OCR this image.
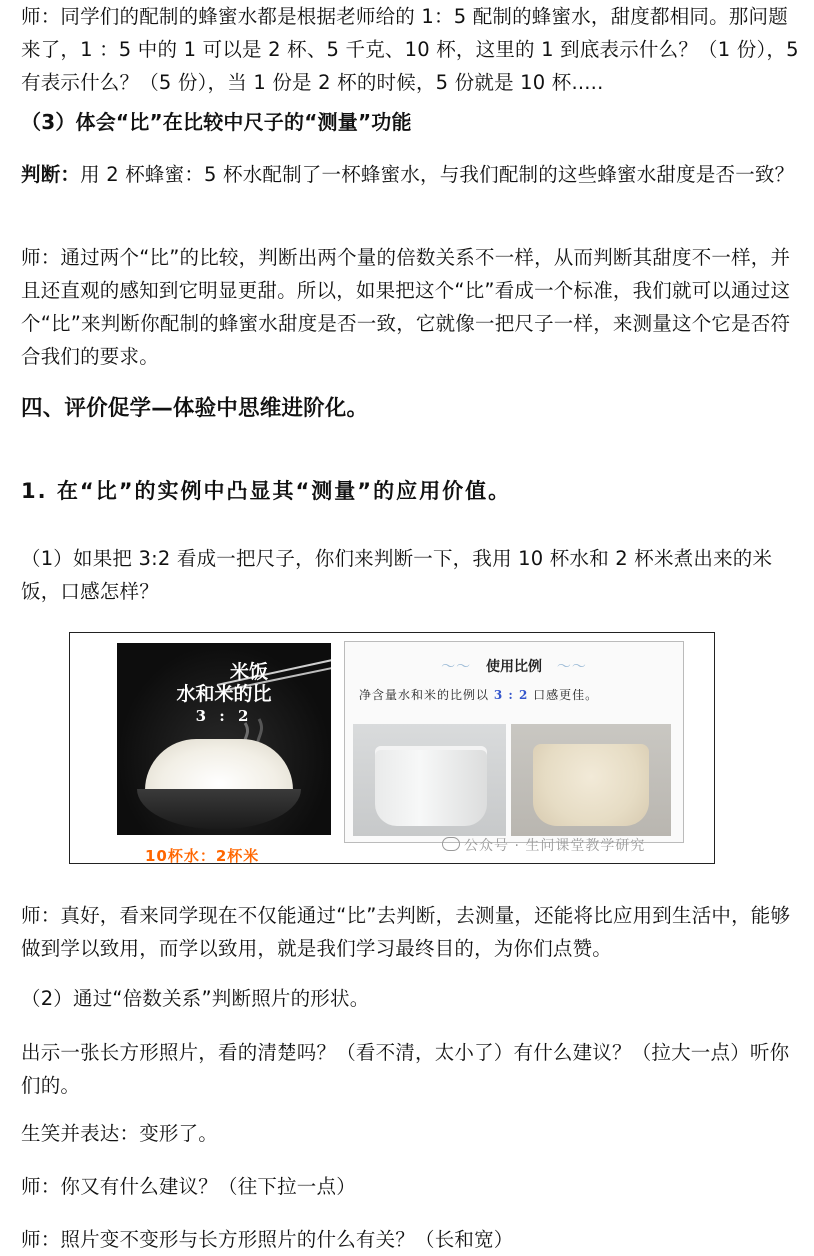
师：同学们的配制的蜂蜜水都是根据老师给的 1：5 配制的蜂蜜水，甜度都相同。那问题来了，1 ：5 中的 1 可以是 2 杯、5 千克、10 杯，这里的 1 到底表示什么？（1 份），5 有表示什么？（5 份），当 1 份是 2 杯的时候，5 份就是 10 杯.....

（3）体会“比”在比较中尺子的“测量”功能

判断：用 2 杯蜂蜜：5 杯水配制了一杯蜂蜜水，与我们配制的这些蜂蜜水甜度是否一致？

师：通过两个“比”的比较，判断出两个量的倍数关系不一样，从而判断其甜度不一样，并且还直观的感知到它明显更甜。所以，如果把这个“比”看成一个标准，我们就可以通过这个“比”来判断你配制的蜂蜜水甜度是否一致，它就像一把尺子一样，来测量这个它是否符合我们的要求。

四、评价促学—体验中思维进阶化。

1. 在“比”的实例中凸显其“测量”的应用价值。

（1）如果把 3:2 看成一把尺子，你们来判断一下，我用 10 杯水和 2 杯米煮出来的米饭，口感怎样？

米饭
水和米的比
3 : 2
10杯水：2杯米
～～ 使用比例 ～～
净含量水和米的比例以 3 : 2 口感更佳。
公众号 · 生问课堂教学研究

师：真好，看来同学现在不仅能通过“比”去判断，去测量，还能将比应用到生活中，能够做到学以致用，而学以致用，就是我们学习最终目的，为你们点赞。

（2）通过“倍数关系”判断照片的形状。

出示一张长方形照片，看的清楚吗？（看不清，太小了）有什么建议？（拉大一点）听你们的。

生笑并表达：变形了。

师：你又有什么建议？（往下拉一点）

师：照片变不变形与长方形照片的什么有关？（长和宽）
